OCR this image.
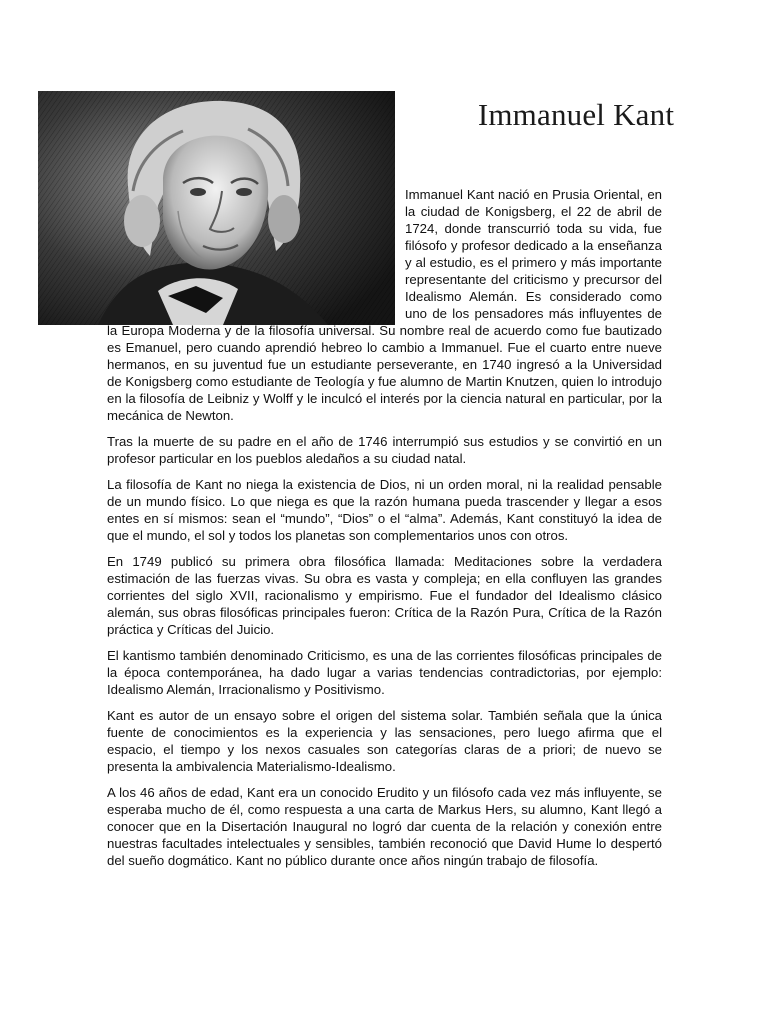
Immanuel Kant

Immanuel Kant nació en Prusia Oriental, en la ciudad de Konigsberg, el 22 de abril de 1724, donde transcurrió toda su vida, fue filósofo y profesor dedicado a la enseñanza y al estudio, es el primero y más importante representante del criticismo y precursor del Idealismo Alemán. Es considerado como uno de los pensadores más influyentes de la Europa Moderna y de la filosofía universal. Su nombre real de acuerdo como fue bautizado es Emanuel, pero cuando aprendió hebreo lo cambio a Immanuel. Fue el cuarto entre nueve hermanos, en su juventud fue un estudiante perseverante, en 1740 ingresó a la Universidad de Konigsberg como estudiante de Teología y fue alumno de Martin Knutzen, quien lo introdujo en la filosofía de Leibniz y Wolff y le inculcó el interés por la ciencia natural en particular, por la mecánica de Newton.

Tras la muerte de su padre en el año de 1746 interrumpió sus estudios y se convirtió en un profesor particular en los pueblos aledaños a su ciudad natal.

La filosofía de Kant no niega la existencia de Dios, ni un orden moral, ni la realidad pensable de un mundo físico. Lo que niega es que la razón humana pueda trascender y llegar a esos entes en sí mismos: sean el “mundo”, “Dios” o el “alma”. Además, Kant constituyó la idea de que el mundo, el sol y todos los planetas son complementarios unos con otros.

En 1749 publicó su primera obra filosófica llamada: Meditaciones sobre la verdadera estimación de las fuerzas vivas. Su obra es vasta y compleja; en ella confluyen las grandes corrientes del siglo XVII, racionalismo y empirismo. Fue el fundador del Idealismo clásico alemán, sus obras filosóficas principales fueron: Crítica de la Razón Pura, Crítica de la Razón práctica y Críticas del Juicio.

El kantismo también denominado Criticismo, es una de las corrientes filosóficas principales de la época contemporánea, ha dado lugar a varias tendencias contradictorias, por ejemplo: Idealismo Alemán, Irracionalismo y Positivismo.

Kant es autor de un ensayo sobre el origen del sistema solar. También señala que la única fuente de conocimientos es la experiencia y las sensaciones, pero luego afirma que el espacio, el tiempo y los nexos casuales son categorías claras de a priori; de nuevo se presenta la ambivalencia Materialismo-Idealismo.

A los 46 años de edad, Kant era un conocido Erudito y un filósofo cada vez más influyente, se esperaba mucho de él, como respuesta a una carta de Markus Hers, su alumno, Kant llegó a conocer que en la Disertación Inaugural no logró dar cuenta de la relación y conexión entre nuestras facultades intelectuales y sensibles, también reconoció que David Hume lo despertó del sueño dogmático. Kant no público durante once años ningún trabajo de filosofía.
